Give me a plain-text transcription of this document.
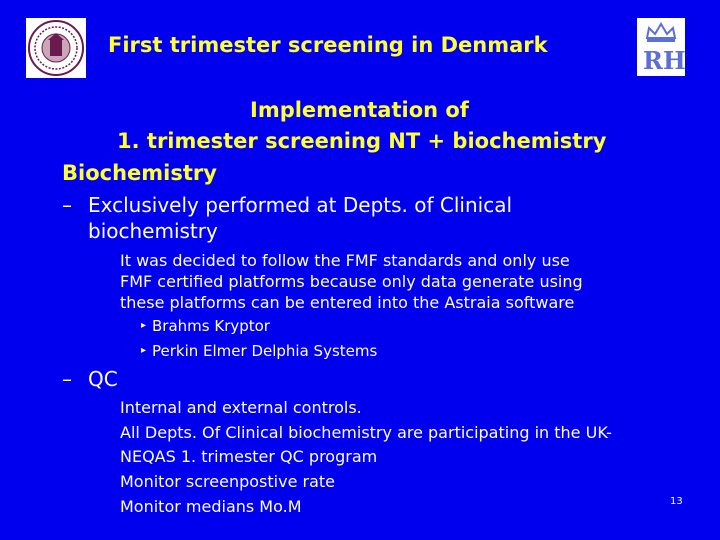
First trimester screening in Denmark
RH
Implementation of
1. trimester screening NT + biochemistry
Biochemistry
– Exclusively performed at Depts. of Clinical
biochemistry
It was decided to follow the FMF standards and only use
FMF certified platforms because only data generate using
these platforms can be entered into the Astraia software
▸ Brahms Kryptor
▸ Perkin Elmer Delphia Systems
– QC
Internal and external controls.
All Depts. Of Clinical biochemistry are participating in the UK-
NEQAS 1. trimester QC program
Monitor screenpostive rate
Monitor medians Mo.M	13
